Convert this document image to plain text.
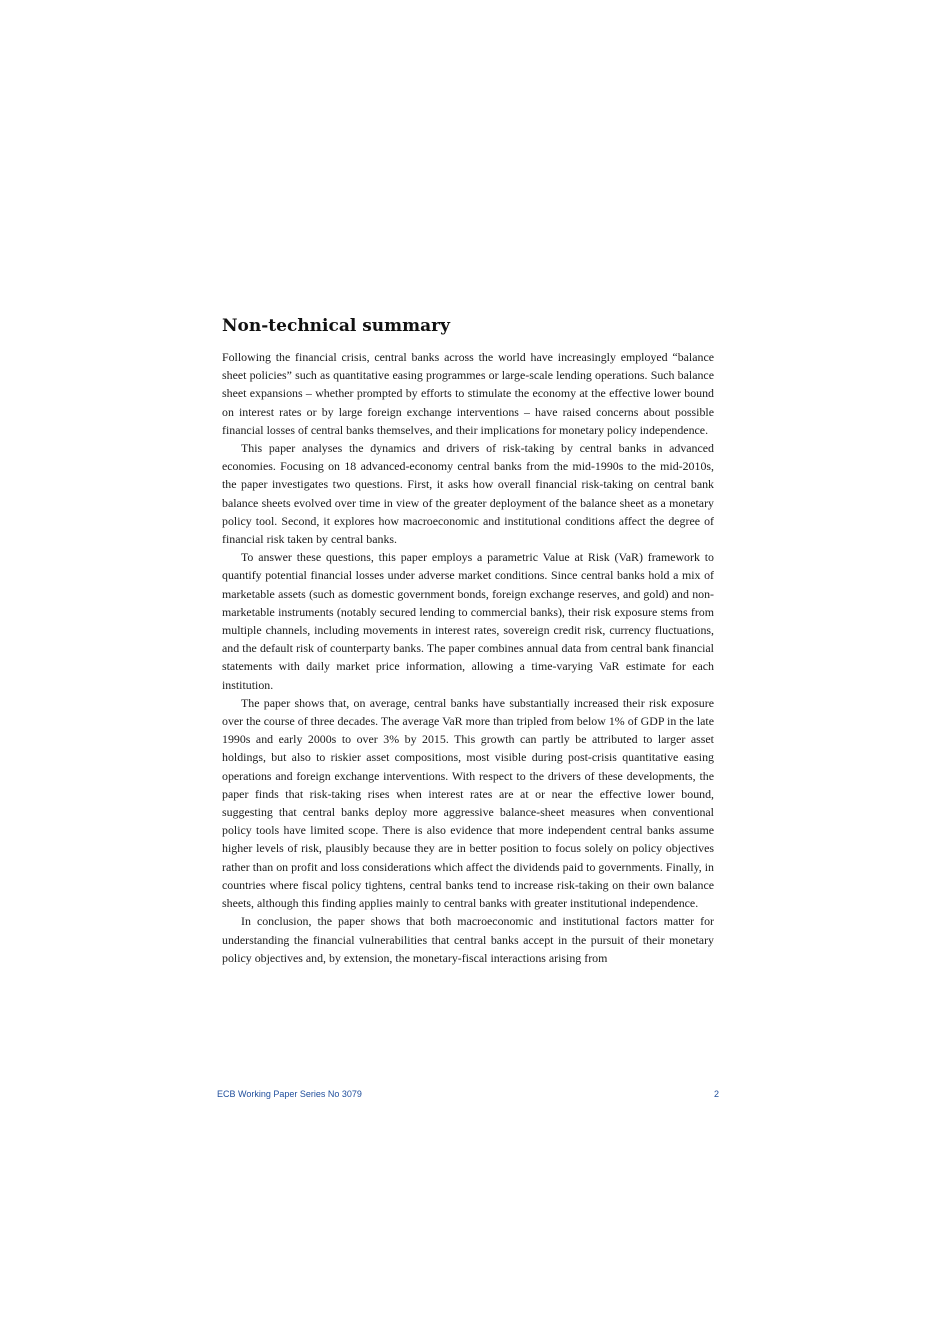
Non-technical summary

Following the financial crisis, central banks across the world have increasingly employed “balance sheet policies” such as quantitative easing programmes or large-scale lending operations. Such balance sheet expansions – whether prompted by efforts to stimulate the economy at the effective lower bound on interest rates or by large foreign exchange interventions – have raised concerns about possible financial losses of central banks themselves, and their implications for monetary policy independence.

This paper analyses the dynamics and drivers of risk-taking by central banks in advanced economies. Focusing on 18 advanced-economy central banks from the mid-1990s to the mid-2010s, the paper investigates two questions. First, it asks how overall financial risk-taking on central bank balance sheets evolved over time in view of the greater deployment of the balance sheet as a monetary policy tool. Second, it explores how macroeconomic and institutional conditions affect the degree of financial risk taken by central banks.

To answer these questions, this paper employs a parametric Value at Risk (VaR) framework to quantify potential financial losses under adverse market conditions. Since central banks hold a mix of marketable assets (such as domestic government bonds, foreign exchange reserves, and gold) and non-marketable instruments (notably secured lending to commercial banks), their risk exposure stems from multiple channels, including movements in interest rates, sovereign credit risk, currency fluctuations, and the default risk of counterparty banks. The paper combines annual data from central bank financial statements with daily market price information, allowing a time-varying VaR estimate for each institution.

The paper shows that, on average, central banks have substantially increased their risk exposure over the course of three decades. The average VaR more than tripled from below 1% of GDP in the late 1990s and early 2000s to over 3% by 2015. This growth can partly be attributed to larger asset holdings, but also to riskier asset compositions, most visible during post-crisis quantitative easing operations and foreign exchange interventions. With respect to the drivers of these developments, the paper finds that risk-taking rises when interest rates are at or near the effective lower bound, suggesting that central banks deploy more aggressive balance-sheet measures when conventional policy tools have limited scope. There is also evidence that more independent central banks assume higher levels of risk, plausibly because they are in better position to focus solely on policy objectives rather than on profit and loss considerations which affect the dividends paid to governments. Finally, in countries where fiscal policy tightens, central banks tend to increase risk-taking on their own balance sheets, although this finding applies mainly to central banks with greater institutional independence.

In conclusion, the paper shows that both macroeconomic and institutional factors matter for understanding the financial vulnerabilities that central banks accept in the pursuit of their monetary policy objectives and, by extension, the monetary-fiscal interactions arising from

ECB Working Paper Series No 3079	2
